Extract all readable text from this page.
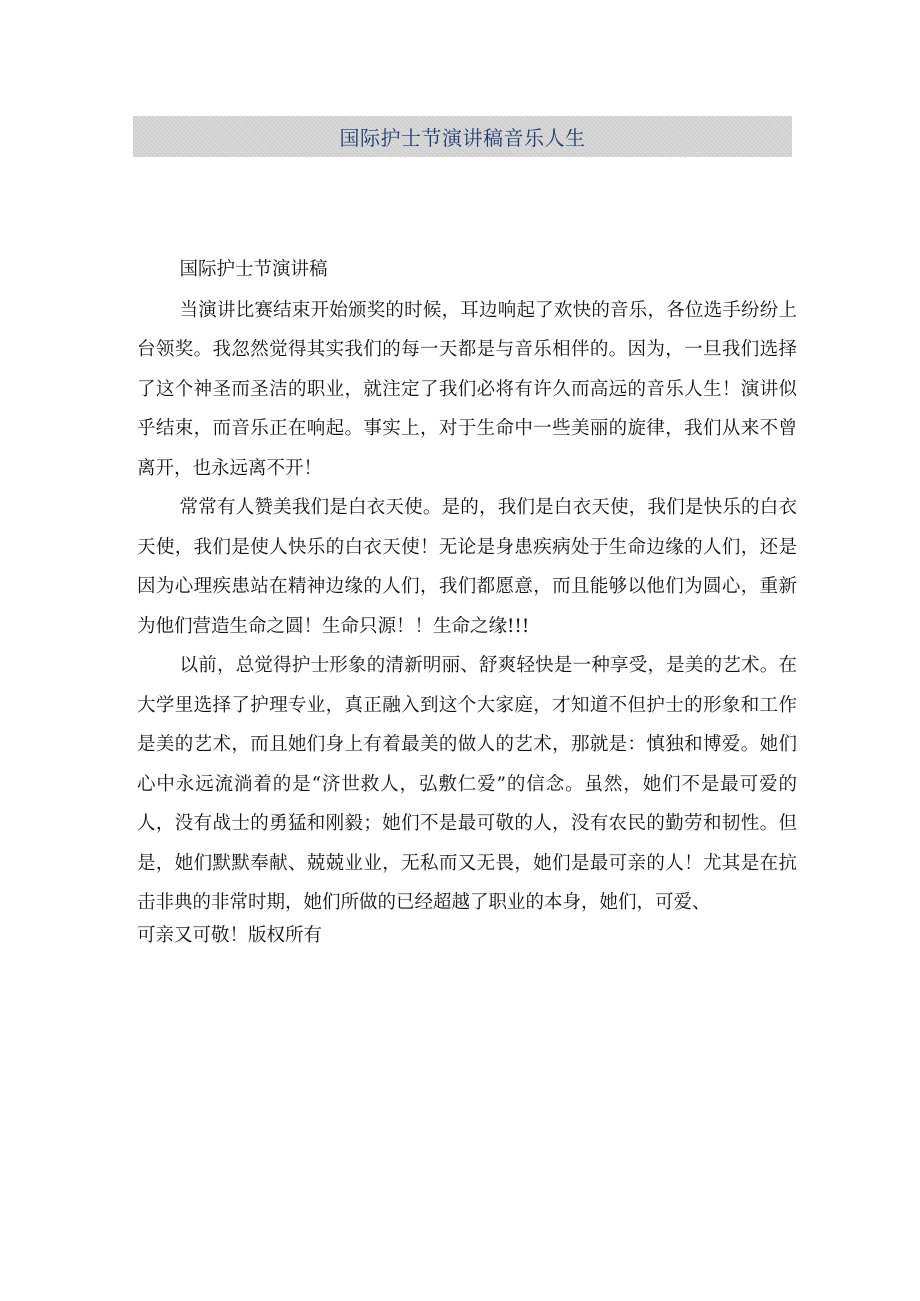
国际护士节演讲稿音乐人生

国际护士节演讲稿

当演讲比赛结束开始颁奖的时候，耳边响起了欢快的音乐，各位选手纷纷上台领奖。我忽然觉得其实我们的每一天都是与音乐相伴的。因为，一旦我们选择了这个神圣而圣洁的职业，就注定了我们必将有许久而高远的音乐人生！演讲似乎结束，而音乐正在响起。事实上，对于生命中一些美丽的旋律，我们从来不曾离开，也永远离不开！

常常有人赞美我们是白衣天使。是的，我们是白衣天使，我们是快乐的白衣天使，我们是使人快乐的白衣天使！无论是身患疾病处于生命边缘的人们，还是因为心理疾患站在精神边缘的人们，我们都愿意，而且能够以他们为圆心，重新为他们营造生命之圆！生命只源！！生命之缘!!!

以前，总觉得护士形象的清新明丽、舒爽轻快是一种享受，是美的艺术。在大学里选择了护理专业，真正融入到这个大家庭，才知道不但护士的形象和工作是美的艺术，而且她们身上有着最美的做人的艺术，那就是：慎独和博爱。她们心中永远流淌着的是“济世救人，弘敷仁爱”的信念。虽然，她们不是最可爱的人，没有战士的勇猛和刚毅；她们不是最可敬的人，没有农民的勤劳和韧性。但是，她们默默奉献、兢兢业业，无私而又无畏，她们是最可亲的人！尤其是在抗击非典的非常时期，她们所做的已经超越了职业的本身，她们，可爱、

可亲又可敬！版权所有
